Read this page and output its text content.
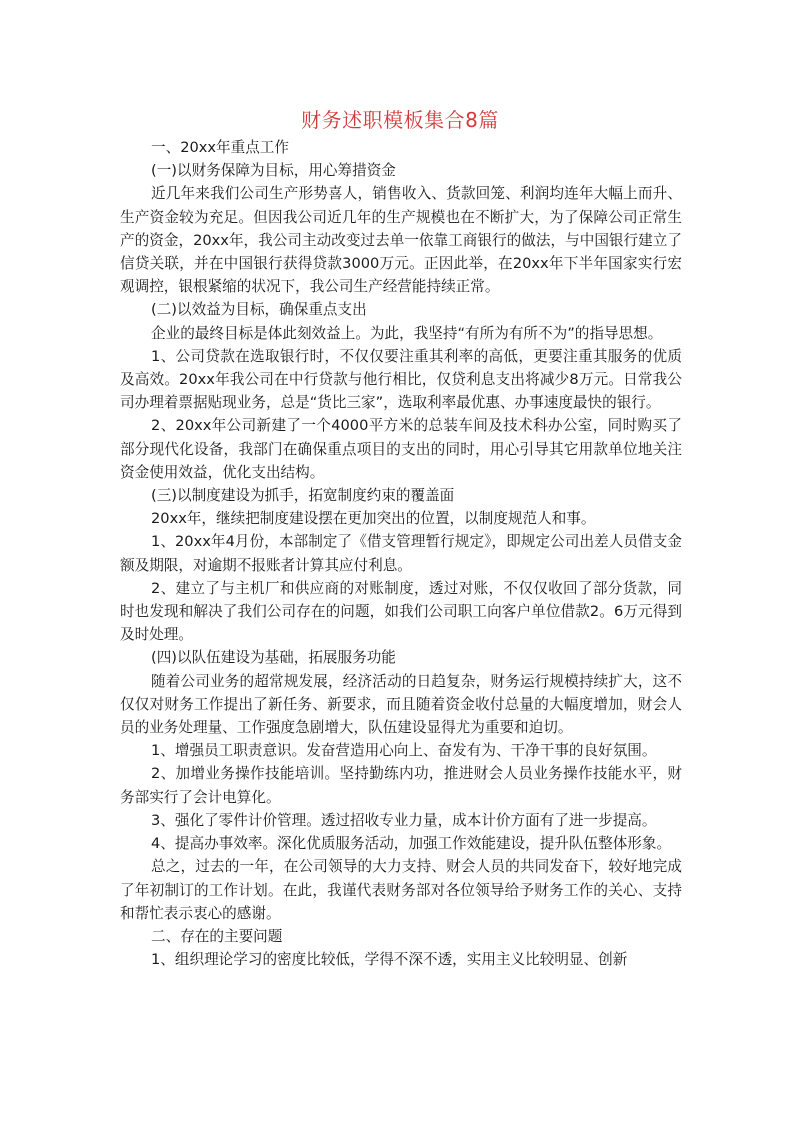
财务述职模板集合8篇
一、20xx年重点工作
(一)以财务保障为目标，用心筹措资金
近几年来我们公司生产形势喜人，销售收入、货款回笼、利润均连年大幅上而升、生产资金较为充足。但因我公司近几年的生产规模也在不断扩大，为了保障公司正常生产的资金，20xx年，我公司主动改变过去单一依靠工商银行的做法，与中国银行建立了信贷关联，并在中国银行获得贷款3000万元。正因此举，在20xx年下半年国家实行宏观调控，银根紧缩的状况下，我公司生产经营能持续正常。
(二)以效益为目标，确保重点支出
企业的最终目标是体此刻效益上。为此，我坚持“有所为有所不为”的指导思想。
1、公司贷款在选取银行时，不仅仅要注重其利率的高低，更要注重其服务的优质及高效。20xx年我公司在中行贷款与他行相比，仅贷利息支出将减少8万元。日常我公司办理着票据贴现业务，总是“货比三家”，选取利率最优惠、办事速度最快的银行。
2、20xx年公司新建了一个4000平方米的总装车间及技术科办公室，同时购买了部分现代化设备，我部门在确保重点项目的支出的同时，用心引导其它用款单位地关注资金使用效益，优化支出结构。
(三)以制度建设为抓手，拓宽制度约束的覆盖面
20xx年，继续把制度建设摆在更加突出的位置，以制度规范人和事。
1、20xx年4月份，本部制定了《借支管理暂行规定》，即规定公司出差人员借支金额及期限，对逾期不报账者计算其应付利息。
2、建立了与主机厂和供应商的对账制度，透过对账，不仅仅收回了部分货款，同时也发现和解决了我们公司存在的问题，如我们公司职工向客户单位借款2。6万元得到及时处理。
(四)以队伍建设为基础，拓展服务功能
随着公司业务的超常规发展，经济活动的日趋复杂，财务运行规模持续扩大，这不仅仅对财务工作提出了新任务、新要求，而且随着资金收付总量的大幅度增加，财会人员的业务处理量、工作强度急剧增大，队伍建设显得尤为重要和迫切。
1、增强员工职责意识。发奋营造用心向上、奋发有为、干净干事的良好氛围。
2、加增业务操作技能培训。坚持勤练内功，推进财会人员业务操作技能水平，财务部实行了会计电算化。
3、强化了零件计价管理。透过招收专业力量，成本计价方面有了进一步提高。
4、提高办事效率。深化优质服务活动，加强工作效能建设，提升队伍整体形象。
总之，过去的一年，在公司领导的大力支持、财会人员的共同发奋下，较好地完成了年初制订的工作计划。在此，我谨代表财务部对各位领导给予财务工作的关心、支持和帮忙表示衷心的感谢。
二、存在的主要问题
1、组织理论学习的密度比较低，学得不深不透，实用主义比较明显、创新
